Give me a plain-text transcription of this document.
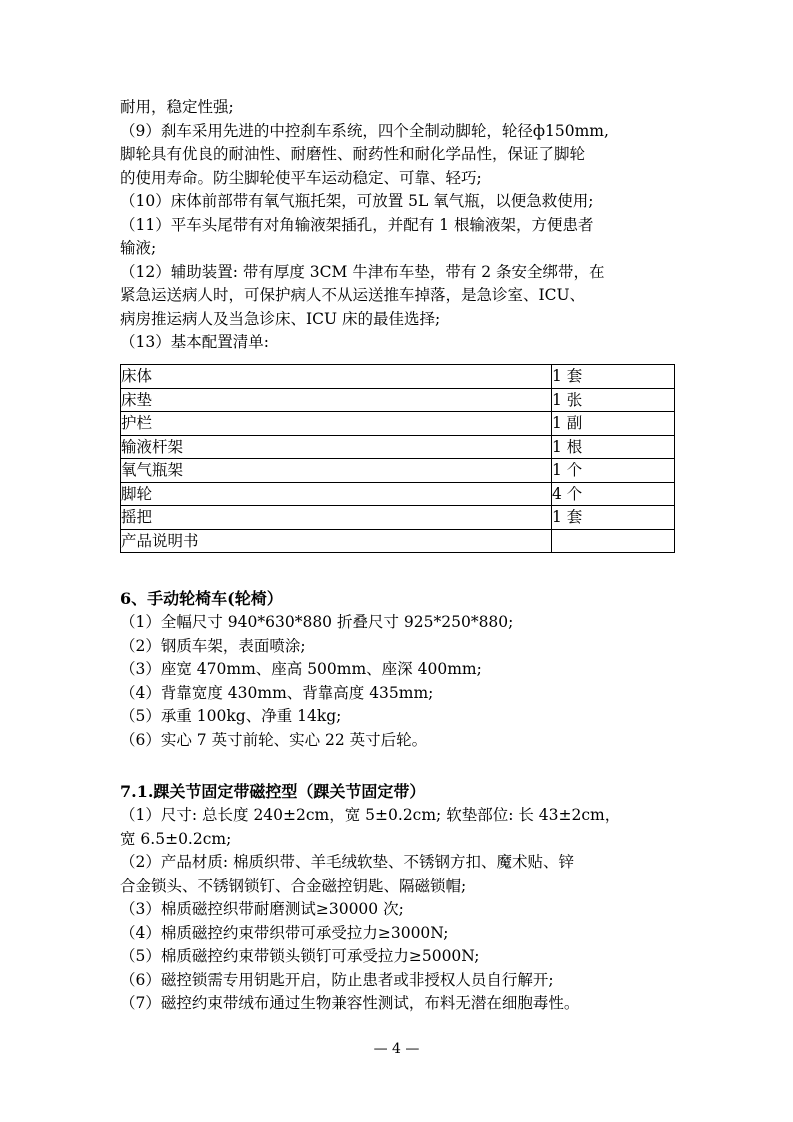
耐用，稳定性强;
（9）刹车采用先进的中控刹车系统，四个全制动脚轮，轮径ф150mm,
脚轮具有优良的耐油性、耐磨性、耐药性和耐化学品性，保证了脚轮
的使用寿命。防尘脚轮使平车运动稳定、可靠、轻巧;
（10）床体前部带有氧气瓶托架，可放置 5L 氧气瓶，以便急救使用;
（11）平车头尾带有对角输液架插孔，并配有 1 根输液架，方便患者
输液;
（12）辅助装置: 带有厚度 3CM 牛津布车垫，带有 2 条安全绑带，在
紧急运送病人时，可保护病人不从运送推车掉落，是急诊室、ICU、
病房推运病人及当急诊床、ICU 床的最佳选择;
（13）基本配置清单:
床体	1 套
床垫	1 张
护栏	1 副
输液杆架	1 根
氧气瓶架	1 个
脚轮	4 个
摇把	1 套
产品说明书	
6、手动轮椅车(轮椅）
（1）全幅尺寸 940*630*880 折叠尺寸 925*250*880;
（2）钢质车架，表面喷涂;
（3）座宽 470mm、座高 500mm、座深 400mm;
（4）背靠宽度 430mm、背靠高度 435mm;
（5）承重 100kg、净重 14kg;
（6）实心 7 英寸前轮、实心 22 英寸后轮。
7.1.踝关节固定带磁控型（踝关节固定带）
（1）尺寸: 总长度 240±2cm，宽 5±0.2cm; 软垫部位: 长 43±2cm，
宽 6.5±0.2cm;
（2）产品材质: 棉质织带、羊毛绒软垫、不锈钢方扣、魔术贴、锌
合金锁头、不锈钢锁钉、合金磁控钥匙、隔磁锁帽;
（3）棉质磁控织带耐磨测试≥30000 次;
（4）棉质磁控约束带织带可承受拉力≥3000N;
（5）棉质磁控约束带锁头锁钉可承受拉力≥5000N;
（6）磁控锁需专用钥匙开启，防止患者或非授权人员自行解开;
（7）磁控约束带绒布通过生物兼容性测试，布料无潜在细胞毒性。
— 4 —
